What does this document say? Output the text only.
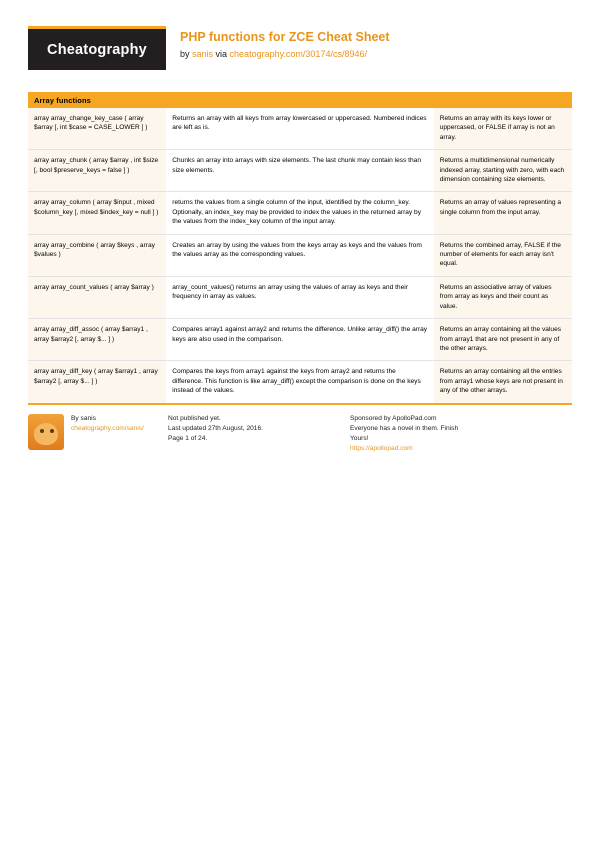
Cheatography
PHP functions for ZCE Cheat Sheet
by sanis via cheatography.com/30174/cs/8946/
Array functions
array array_change_key_case ( array $array [, int $case = CASE_LOWER ] )	Returns an array with all keys from array lowercased or uppercased. Numbered indices are left as is.	Returns an array with its keys lower or uppercased, or FALSE if array is not an array.
array array_chunk ( array $array , int $size [, bool $preserve_keys = false ] )	Chunks an array into arrays with size elements. The last chunk may contain less than size elements.	Returns a multidimensional numerically indexed array, starting with zero, with each dimension containing size elements.
array array_column ( array $input , mixed $column_key [, mixed $index_key = null ] )	returns the values from a single column of the input, identified by the column_key. Optionally, an index_key may be provided to index the values in the returned array by the values from the index_key column of the input array.	Returns an array of values representing a single column from the input array.
array array_combine ( array $keys , array $values )	Creates an array by using the values from the keys array as keys and the values from the values array as the corresponding values.	Returns the combined array, FALSE if the number of elements for each array isn't equal.
array array_count_values ( array $array )	array_count_values() returns an array using the values of array as keys and their frequency in array as values.	Returns an associative array of values from array as keys and their count as value.
array array_diff_assoc ( array $array1 , array $array2 [, array $... ] )	Compares array1 against array2 and returns the difference. Unlike array_diff() the array keys are also used in the comparison.	Returns an array containing all the values from array1 that are not present in any of the other arrays.
array array_diff_key ( array $array1 , array $array2 [, array $... ] )	Compares the keys from array1 against the keys from array2 and returns the difference. This function is like array_diff() except the comparison is done on the keys instead of the values.	Returns an array containing all the entries from array1 whose keys are not present in any of the other arrays.
By sanis
cheatography.com/sanis/
Not published yet.
Last updated 27th August, 2016.
Page 1 of 24.
Sponsored by ApolloPad.com
Everyone has a novel in them. Finish
Yours!
https://apollopad.com
